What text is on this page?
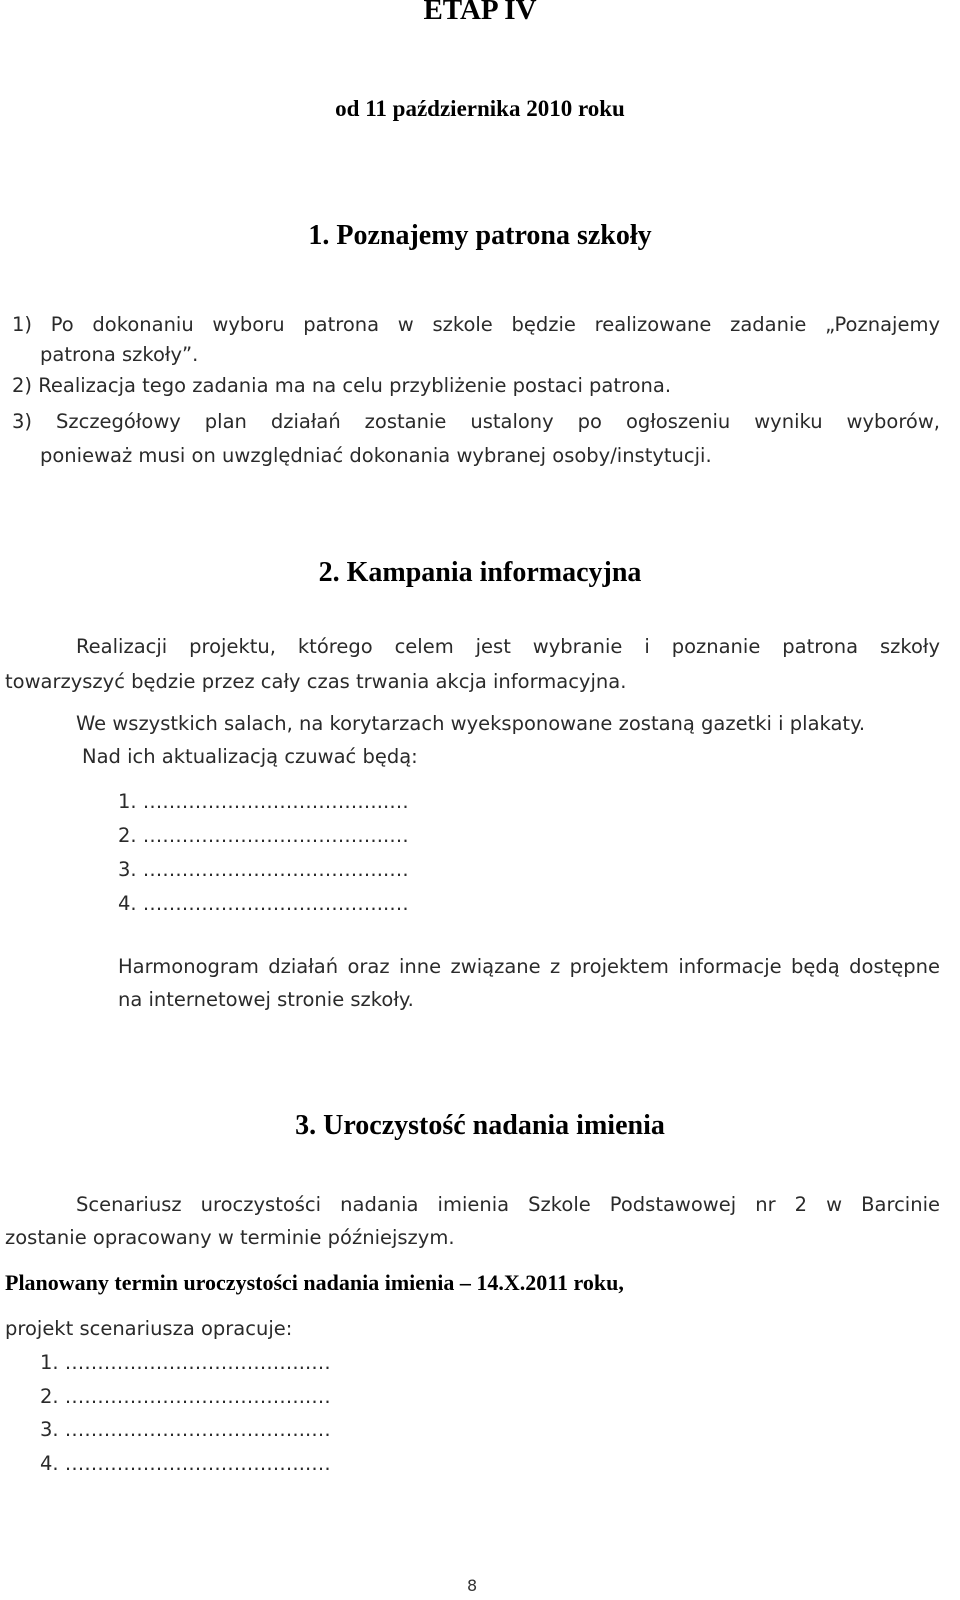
ETAP IV
od 11 października 2010 roku
1. Poznajemy patrona szkoły
1) Po dokonaniu wyboru patrona w szkole będzie realizowane zadanie „Poznajemy
patrona szkoły”.
2) Realizacja tego zadania ma na celu przybliżenie postaci patrona.
3) Szczegółowy plan działań zostanie ustalony po ogłoszeniu wyniku wyborów,
ponieważ musi on uwzględniać dokonania wybranej osoby/instytucji.
2. Kampania informacyjna
Realizacji projektu, którego celem jest wybranie i poznanie patrona szkoły
towarzyszyć będzie przez cały czas trwania akcja informacyjna.
We wszystkich salach, na korytarzach wyeksponowane zostaną gazetki i plakaty.
Nad ich aktualizacją czuwać będą:
1. ………………………………..…
2. ………………………………..…
3. ………………………………..…
4. ………………………………..…
Harmonogram działań oraz inne związane z projektem informacje będą dostępne
na internetowej stronie szkoły.
3. Uroczystość nadania imienia
Scenariusz uroczystości nadania imienia Szkole Podstawowej nr 2 w Barcinie
zostanie opracowany w terminie późniejszym.
Planowany termin uroczystości nadania imienia – 14.X.2011 roku,
projekt scenariusza opracuje:
1. ………………………………..…
2. ………………………………..…
3. ………………………………..…
4. ………………………………..…
8
